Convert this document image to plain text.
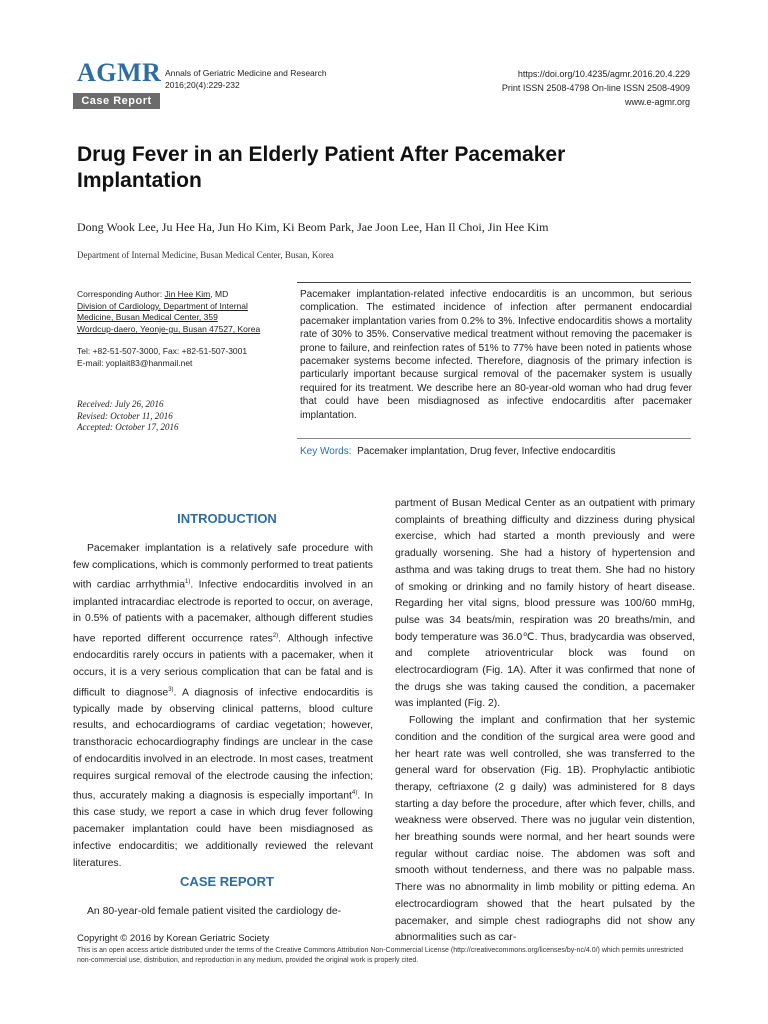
AGMR Annals of Geriatric Medicine and Research
2016;20(4):229-232
Case Report
https://doi.org/10.4235/agmr.2016.20.4.229
Print ISSN 2508-4798 On-line ISSN 2508-4909
www.e-agmr.org
Drug Fever in an Elderly Patient After Pacemaker Implantation
Dong Wook Lee, Ju Hee Ha, Jun Ho Kim, Ki Beom Park, Jae Joon Lee, Han Il Choi, Jin Hee Kim
Department of Internal Medicine, Busan Medical Center, Busan, Korea
Corresponding Author: Jin Hee Kim, MD
Division of Cardiology, Department of Internal
Medicine, Busan Medical Center, 359
Wordcup-daero, Yeonje-gu, Busan 47527, Korea
Tel: +82-51-507-3000, Fax: +82-51-507-3001
E-mail: yoplait83@hanmail.net
Received: July 26, 2016
Revised: October 11, 2016
Accepted: October 17, 2016
Pacemaker implantation-related infective endocarditis is an uncommon, but serious complication. The estimated incidence of infection after permanent endocardial pacemaker implantation varies from 0.2% to 3%. Infective endocarditis shows a mortality rate of 30% to 35%. Conservative medical treatment without removing the pacemaker is prone to failure, and reinfection rates of 51% to 77% have been noted in patients whose pacemaker systems become infected. Therefore, diagnosis of the primary infection is particularly important because surgical removal of the pacemaker system is usually required for its treatment. We describe here an 80-year-old woman who had drug fever that could have been misdiagnosed as infective endocarditis after pacemaker implantation.
Key Words: Pacemaker implantation, Drug fever, Infective endocarditis
INTRODUCTION

Pacemaker implantation is a relatively safe procedure with few complications, which is commonly performed to treat patients with cardiac arrhythmia$^{1)}$. Infective endocarditis involved in an implanted intracardiac electrode is reported to occur, on average, in 0.5% of patients with a pacemaker, although different studies have reported different occurrence rates$^{2)}$. Although infective endocarditis rarely occurs in patients with a pacemaker, when it occurs, it is a very serious complication that can be fatal and is difficult to diagnose$^{3)}$. A diagnosis of infective endocarditis is typically made by observing clinical patterns, blood culture results, and echocardiograms of cardiac vegetation; however, transthoracic echocardiography findings are unclear in the case of endocarditis involved in an electrode. In most cases, treatment requires surgical removal of the electrode causing the infection; thus, accurately making a diagnosis is especially important$^{4)}$. In this case study, we report a case in which drug fever following pacemaker implantation could have been misdiagnosed as infective endocarditis; we additionally reviewed the relevant literatures.

CASE REPORT

An 80-year-old female patient visited the cardiology de-

partment of Busan Medical Center as an outpatient with primary complaints of breathing difficulty and dizziness during physical exercise, which had started a month previously and were gradually worsening. She had a history of hypertension and asthma and was taking drugs to treat them. She had no history of smoking or drinking and no family history of heart disease. Regarding her vital signs, blood pressure was 100/60 mmHg, pulse was 34 beats/min, respiration was 20 breaths/min, and body temperature was 36.0℃. Thus, bradycardia was observed, and complete atrioventricular block was found on electrocardiogram (Fig. 1A). After it was confirmed that none of the drugs she was taking caused the condition, a pacemaker was implanted (Fig. 2).

Following the implant and confirmation that her systemic condition and the condition of the surgical area were good and her heart rate was well controlled, she was transferred to the general ward for observation (Fig. 1B). Prophylactic antibiotic therapy, ceftriaxone (2 g daily) was administered for 8 days starting a day before the procedure, after which fever, chills, and weakness were observed. There was no jugular vein distention, her breathing sounds were normal, and her heart sounds were regular without cardiac noise. The abdomen was soft and smooth without tenderness, and there was no palpable mass. There was no abnormality in limb mobility or pitting edema. An electrocardiogram showed that the heart pulsated by the pacemaker, and simple chest radiographs did not show any abnormalities such as car-

Copyright © 2016 by Korean Geriatric Society
This is an open access article distributed under the terms of the Creative Commons Attribution Non-Commercial License (http://creativecommons.org/licenses/by-nc/4.0/) which permits unrestricted non-commercial use, distribution, and reproduction in any medium, provided the original work is properly cited.
